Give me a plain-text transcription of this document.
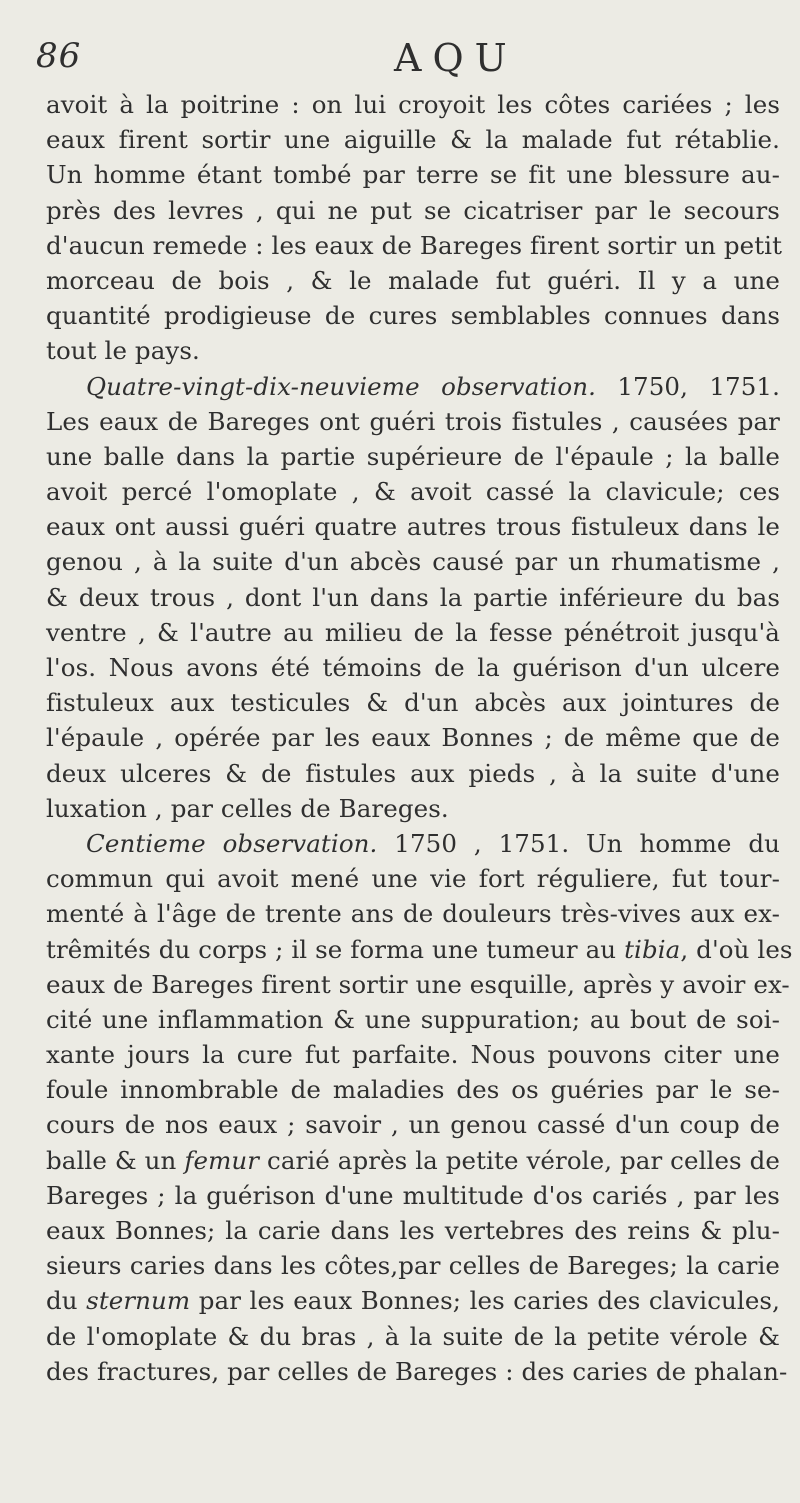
86	AQU
avoit à la poitrine : on lui croyoit les côtes cariées ; les
eaux firent sortir une aiguille & la malade fut rétablie.
Un homme étant tombé par terre se fit une blessure au-
près des levres , qui ne put se cicatriser par le secours
d'aucun remede : les eaux de Bareges firent sortir un petit
morceau de bois , & le malade fut guéri. Il y a une
quantité prodigieuse de cures semblables connues dans
tout le pays.
Quatre-vingt-dix-neuvieme observation. 1750, 1751.
Les eaux de Bareges ont guéri trois fistules , causées par
une balle dans la partie supérieure de l'épaule ; la balle
avoit percé l'omoplate , & avoit cassé la clavicule; ces
eaux ont aussi guéri quatre autres trous fistuleux dans le
genou , à la suite d'un abcès causé par un rhumatisme ,
& deux trous , dont l'un dans la partie inférieure du bas
ventre , & l'autre au milieu de la fesse pénétroit jusqu'à
l'os. Nous avons été témoins de la guérison d'un ulcere
fistuleux aux testicules & d'un abcès aux jointures de
l'épaule , opérée par les eaux Bonnes ; de même que de
deux ulceres & de fistules aux pieds , à la suite d'une
luxation , par celles de Bareges.
Centieme observation. 1750 , 1751. Un homme du
commun qui avoit mené une vie fort réguliere, fut tour-
menté à l'âge de trente ans de douleurs très-vives aux ex-
trêmités du corps ; il se forma une tumeur au tibia, d'où les
eaux de Bareges firent sortir une esquille, après y avoir ex-
cité une inflammation & une suppuration; au bout de soi-
xante jours la cure fut parfaite. Nous pouvons citer une
foule innombrable de maladies des os guéries par le se-
cours de nos eaux ; savoir , un genou cassé d'un coup de
balle & un femur carié après la petite vérole, par celles de
Bareges ; la guérison d'une multitude d'os cariés , par les
eaux Bonnes; la carie dans les vertebres des reins & plu-
sieurs caries dans les côtes,par celles de Bareges; la carie
du sternum par les eaux Bonnes; les caries des clavicules,
de l'omoplate & du bras , à la suite de la petite vérole &
des fractures, par celles de Bareges : des caries de phalan-
